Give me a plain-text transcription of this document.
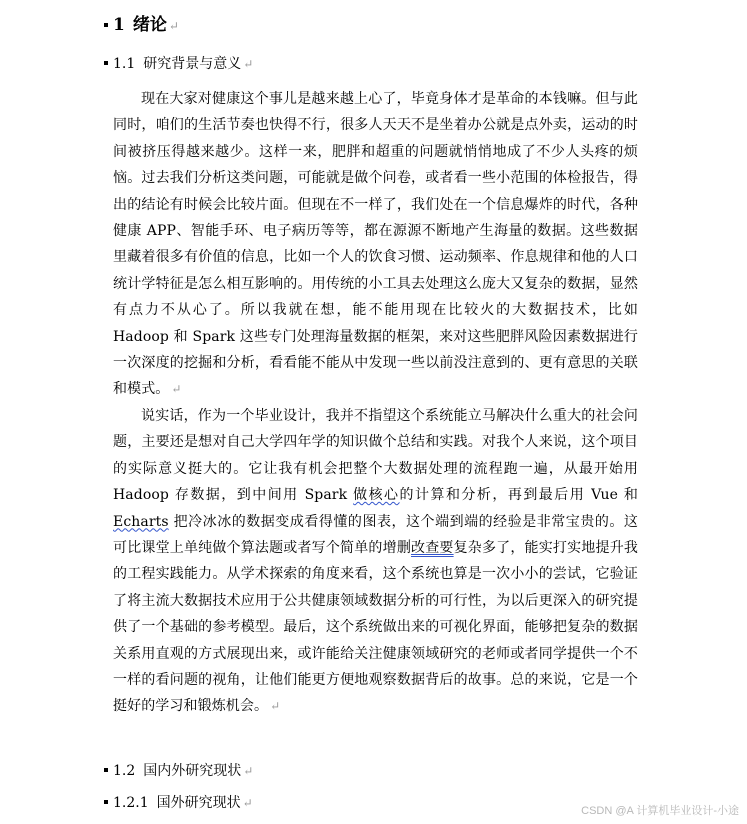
1 绪论 ↵
1.1 研究背景与意义 ↵

现在大家对健康这个事儿是越来越上心了，毕竟身体才是革命的本钱嘛。但与此同时，咱们的生活节奏也快得不行，很多人天天不是坐着办公就是点外卖，运动的时间被挤压得越来越少。这样一来，肥胖和超重的问题就悄悄地成了不少人头疼的烦恼。过去我们分析这类问题，可能就是做个问卷，或者看一些小范围的体检报告，得出的结论有时候会比较片面。但现在不一样了，我们处在一个信息爆炸的时代，各种健康 APP、智能手环、电子病历等等，都在源源不断地产生海量的数据。这些数据里藏着很多有价值的信息，比如一个人的饮食习惯、运动频率、作息规律和他的人口统计学特征是怎么相互影响的。用传统的小工具去处理这么庞大又复杂的数据，显然有点力不从心了。所以我就在想，能不能用现在比较火的大数据技术，比如 Hadoop 和 Spark 这些专门处理海量数据的框架，来对这些肥胖风险因素数据进行一次深度的挖掘和分析，看看能不能从中发现一些以前没注意到的、更有意思的关联和模式。 ↵

说实话，作为一个毕业设计，我并不指望这个系统能立马解决什么重大的社会问题，主要还是想对自己大学四年学的知识做个总结和实践。对我个人来说，这个项目的实际意义挺大的。它让我有机会把整个大数据处理的流程跑一遍，从最开始用 Hadoop 存数据，到中间用 Spark 做核心的计算和分析，再到最后用 Vue 和 Echarts 把冷冰冰的数据变成看得懂的图表，这个端到端的经验是非常宝贵的。这可比课堂上单纯做个算法题或者写个简单的增删改查要复杂多了，能实打实地提升我的工程实践能力。从学术探索的角度来看，这个系统也算是一次小小的尝试，它验证了将主流大数据技术应用于公共健康领域数据分析的可行性，为以后更深入的研究提供了一个基础的参考模型。最后，这个系统做出来的可视化界面，能够把复杂的数据关系用直观的方式展现出来，或许能给关注健康领域研究的老师或者同学提供一个不一样的看问题的视角，让他们能更方便地观察数据背后的故事。总的来说，它是一个挺好的学习和锻炼机会。 ↵

1.2 国内外研究现状 ↵
1.2.1 国外研究现状 ↵
CSDN @A 计算机毕业设计-小途
